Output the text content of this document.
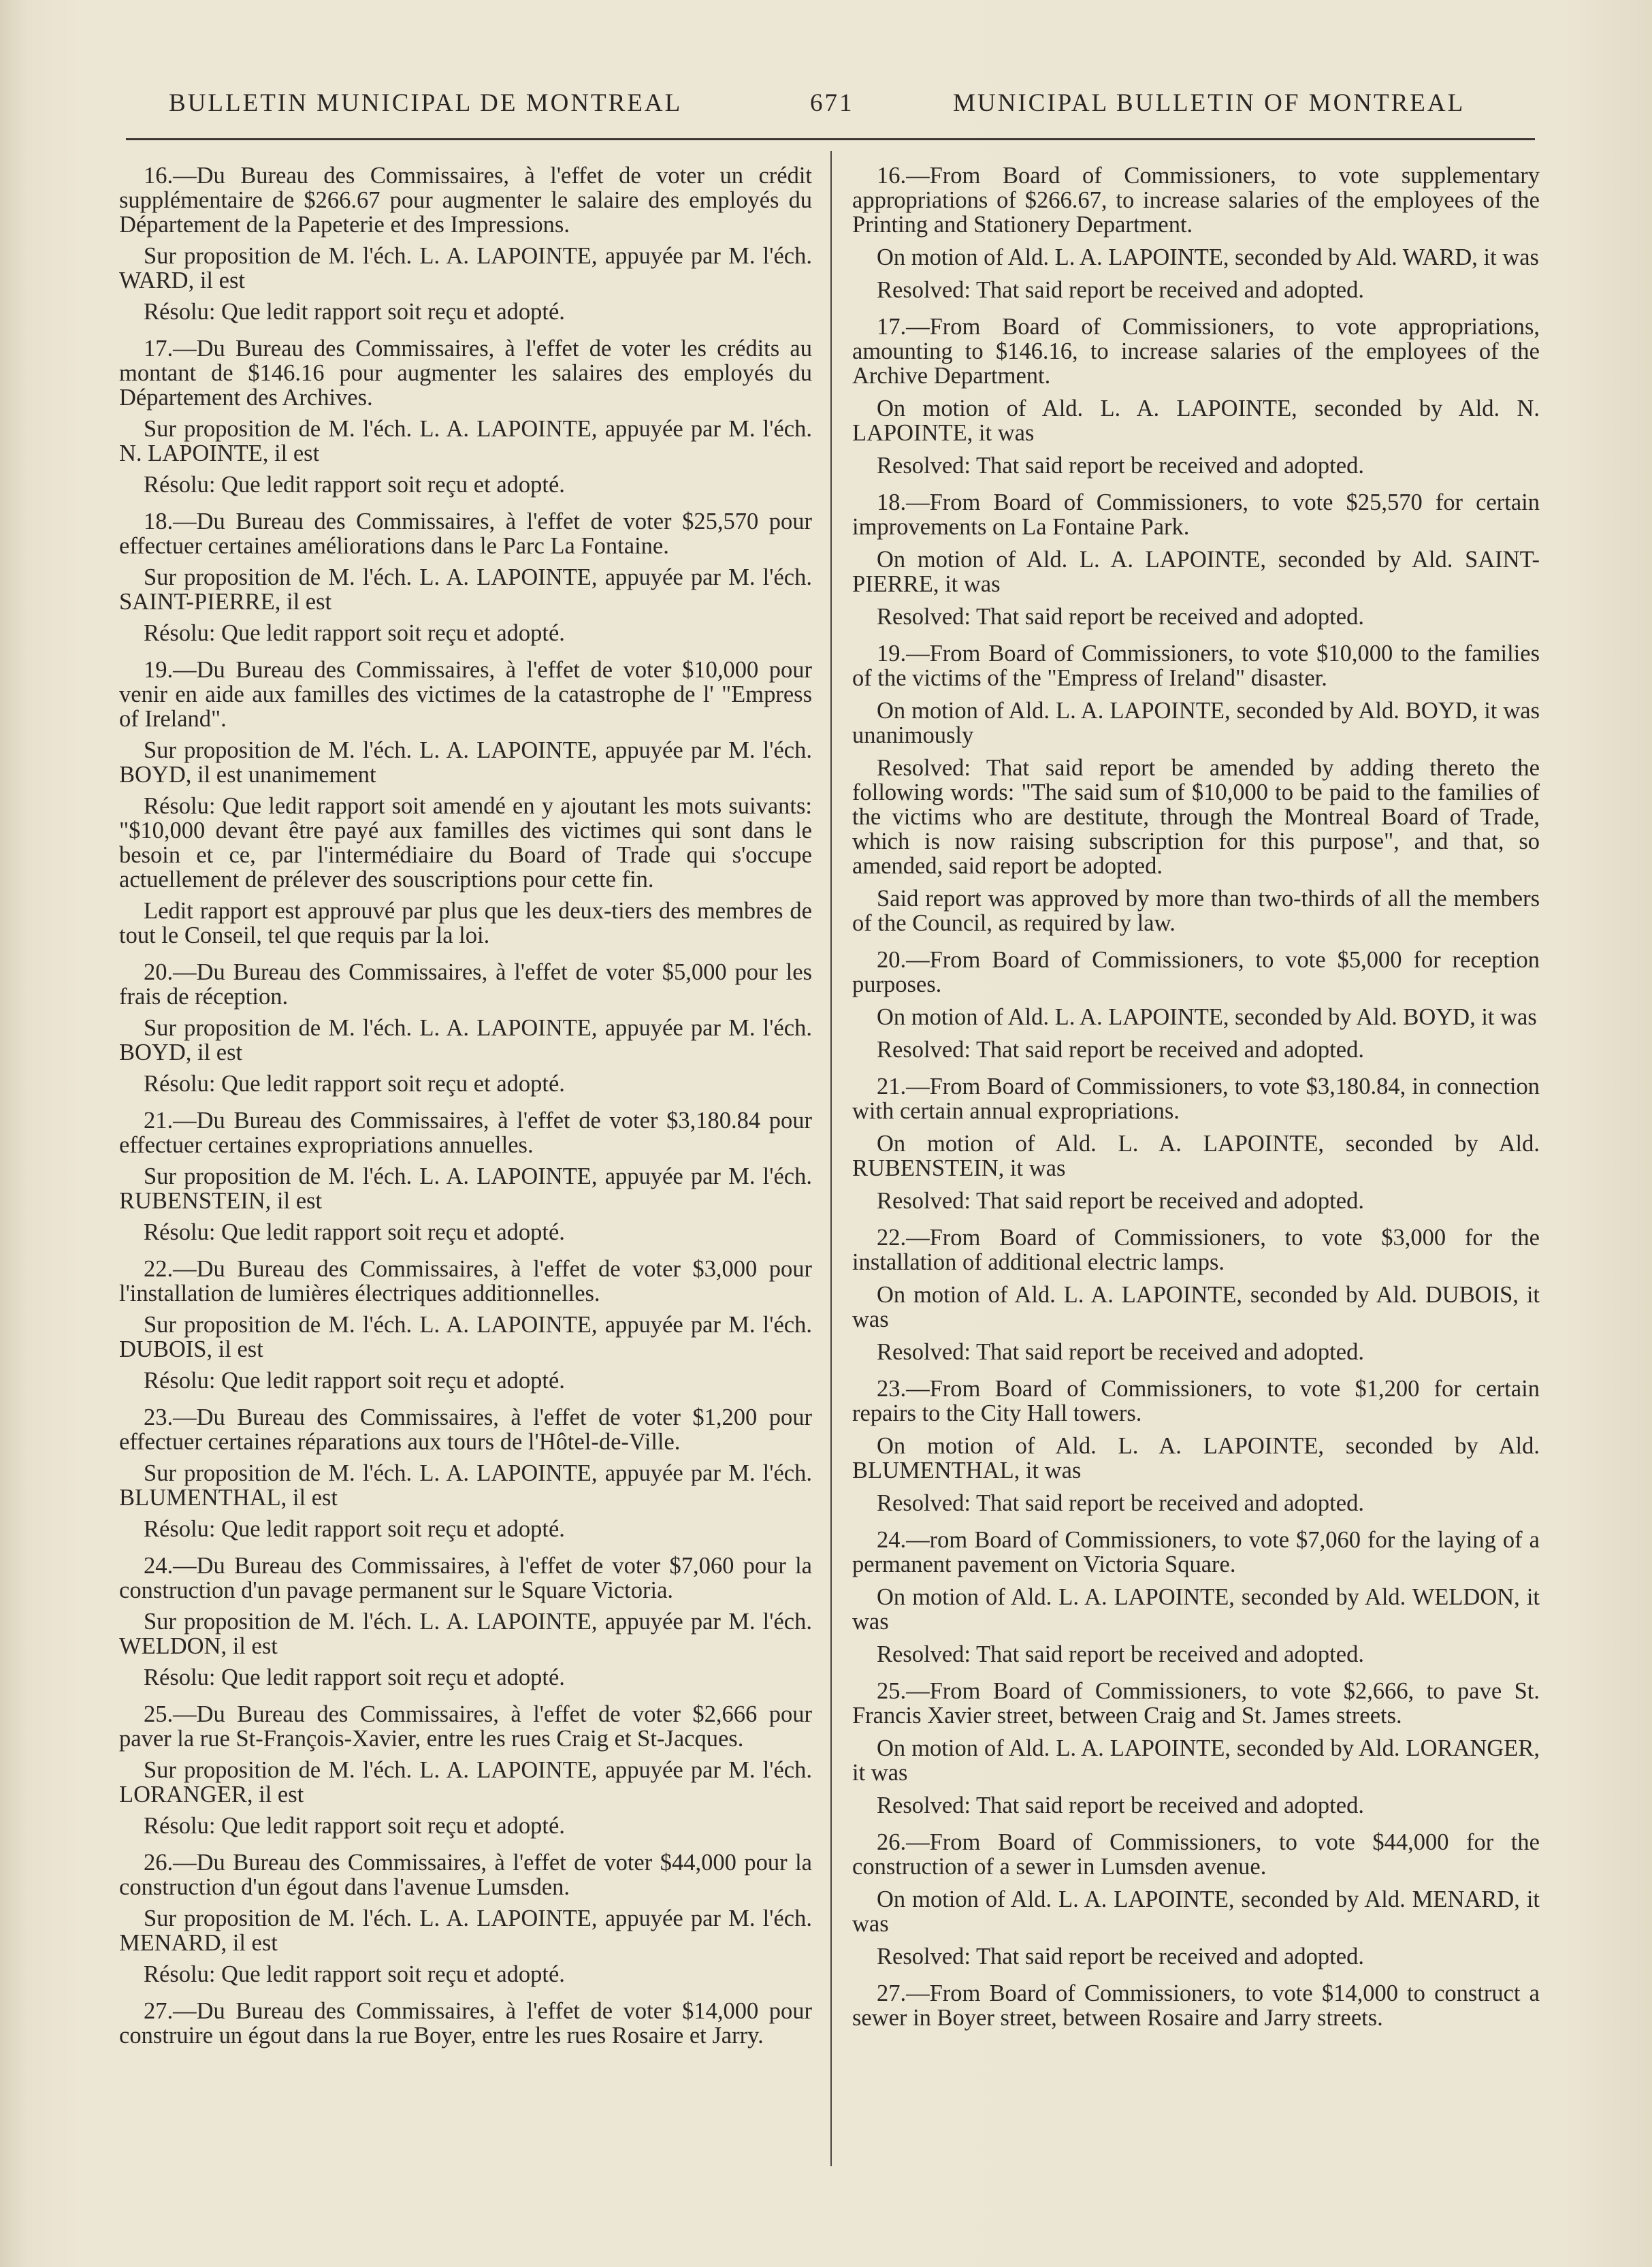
BULLETIN MUNICIPAL DE MONTREAL	671	MUNICIPAL BULLETIN OF MONTREAL

16.—Du Bureau des Commissaires, à l'effet de voter un crédit supplémentaire de $266.67 pour augmenter le salaire des employés du Département de la Papeterie et des Impressions.

Sur proposition de M. l'éch. L. A. LAPOINTE, appuyée par M. l'éch. WARD, il est

Résolu: Que ledit rapport soit reçu et adopté.

17.—Du Bureau des Commissaires, à l'effet de voter les crédits au montant de $146.16 pour augmenter les salaires des employés du Département des Archives.

Sur proposition de M. l'éch. L. A. LAPOINTE, appuyée par M. l'éch. N. LAPOINTE, il est

Résolu: Que ledit rapport soit reçu et adopté.

18.—Du Bureau des Commissaires, à l'effet de voter $25,570 pour effectuer certaines améliorations dans le Parc La Fontaine.

Sur proposition de M. l'éch. L. A. LAPOINTE, appuyée par M. l'éch. SAINT-PIERRE, il est

Résolu: Que ledit rapport soit reçu et adopté.

19.—Du Bureau des Commissaires, à l'effet de voter $10,000 pour venir en aide aux familles des victimes de la catastrophe de l' "Empress of Ireland".

Sur proposition de M. l'éch. L. A. LAPOINTE, appuyée par M. l'éch. BOYD, il est unanimement

Résolu: Que ledit rapport soit amendé en y ajoutant les mots suivants: "$10,000 devant être payé aux familles des victimes qui sont dans le besoin et ce, par l'intermédiaire du Board of Trade qui s'occupe actuellement de prélever des souscriptions pour cette fin.

Ledit rapport est approuvé par plus que les deux-tiers des membres de tout le Conseil, tel que requis par la loi.

20.—Du Bureau des Commissaires, à l'effet de voter $5,000 pour les frais de réception.

Sur proposition de M. l'éch. L. A. LAPOINTE, appuyée par M. l'éch. BOYD, il est

Résolu: Que ledit rapport soit reçu et adopté.

21.—Du Bureau des Commissaires, à l'effet de voter $3,180.84 pour effectuer certaines expropriations annuelles.

Sur proposition de M. l'éch. L. A. LAPOINTE, appuyée par M. l'éch. RUBENSTEIN, il est

Résolu: Que ledit rapport soit reçu et adopté.

22.—Du Bureau des Commissaires, à l'effet de voter $3,000 pour l'installation de lumières électriques additionnelles.

Sur proposition de M. l'éch. L. A. LAPOINTE, appuyée par M. l'éch. DUBOIS, il est

Résolu: Que ledit rapport soit reçu et adopté.

23.—Du Bureau des Commissaires, à l'effet de voter $1,200 pour effectuer certaines réparations aux tours de l'Hôtel-de-Ville.

Sur proposition de M. l'éch. L. A. LAPOINTE, appuyée par M. l'éch. BLUMENTHAL, il est

Résolu: Que ledit rapport soit reçu et adopté.

24.—Du Bureau des Commissaires, à l'effet de voter $7,060 pour la construction d'un pavage permanent sur le Square Victoria.

Sur proposition de M. l'éch. L. A. LAPOINTE, appuyée par M. l'éch. WELDON, il est

Résolu: Que ledit rapport soit reçu et adopté.

25.—Du Bureau des Commissaires, à l'effet de voter $2,666 pour paver la rue St-François-Xavier, entre les rues Craig et St-Jacques.

Sur proposition de M. l'éch. L. A. LAPOINTE, appuyée par M. l'éch. LORANGER, il est

Résolu: Que ledit rapport soit reçu et adopté.

26.—Du Bureau des Commissaires, à l'effet de voter $44,000 pour la construction d'un égout dans l'avenue Lumsden.

Sur proposition de M. l'éch. L. A. LAPOINTE, appuyée par M. l'éch. MENARD, il est

Résolu: Que ledit rapport soit reçu et adopté.

27.—Du Bureau des Commissaires, à l'effet de voter $14,000 pour construire un égout dans la rue Boyer, entre les rues Rosaire et Jarry.

16.—From Board of Commissioners, to vote supplementary appropriations of $266.67, to increase salaries of the employees of the Printing and Stationery Department.

On motion of Ald. L. A. LAPOINTE, seconded by Ald. WARD, it was

Resolved: That said report be received and adopted.

17.—From Board of Commissioners, to vote appropriations, amounting to $146.16, to increase salaries of the employees of the Archive Department.

On motion of Ald. L. A. LAPOINTE, seconded by Ald. N. LAPOINTE, it was

Resolved: That said report be received and adopted.

18.—From Board of Commissioners, to vote $25,570 for certain improvements on La Fontaine Park.

On motion of Ald. L. A. LAPOINTE, seconded by Ald. SAINT-PIERRE, it was

Resolved: That said report be received and adopted.

19.—From Board of Commissioners, to vote $10,000 to the families of the victims of the "Empress of Ireland" disaster.

On motion of Ald. L. A. LAPOINTE, seconded by Ald. BOYD, it was unanimously

Resolved: That said report be amended by adding thereto the following words: "The said sum of $10,000 to be paid to the families of the victims who are destitute, through the Montreal Board of Trade, which is now raising subscription for this purpose", and that, so amended, said report be adopted.

Said report was approved by more than two-thirds of all the members of the Council, as required by law.

20.—From Board of Commissioners, to vote $5,000 for reception purposes.

On motion of Ald. L. A. LAPOINTE, seconded by Ald. BOYD, it was

Resolved: That said report be received and adopted.

21.—From Board of Commissioners, to vote $3,180.84, in connection with certain annual expropriations.

On motion of Ald. L. A. LAPOINTE, seconded by Ald. RUBENSTEIN, it was

Resolved: That said report be received and adopted.

22.—From Board of Commissioners, to vote $3,000 for the installation of additional electric lamps.

On motion of Ald. L. A. LAPOINTE, seconded by Ald. DUBOIS, it was

Resolved: That said report be received and adopted.

23.—From Board of Commissioners, to vote $1,200 for certain repairs to the City Hall towers.

On motion of Ald. L. A. LAPOINTE, seconded by Ald. BLUMENTHAL, it was

Resolved: That said report be received and adopted.

24.—rom Board of Commissioners, to vote $7,060 for the laying of a permanent pavement on Victoria Square.

On motion of Ald. L. A. LAPOINTE, seconded by Ald. WELDON, it was

Resolved: That said report be received and adopted.

25.—From Board of Commissioners, to vote $2,666, to pave St. Francis Xavier street, between Craig and St. James streets.

On motion of Ald. L. A. LAPOINTE, seconded by Ald. LORANGER, it was

Resolved: That said report be received and adopted.

26.—From Board of Commissioners, to vote $44,000 for the construction of a sewer in Lumsden avenue.

On motion of Ald. L. A. LAPOINTE, seconded by Ald. MENARD, it was

Resolved: That said report be received and adopted.

27.—From Board of Commissioners, to vote $14,000 to construct a sewer in Boyer street, between Rosaire and Jarry streets.
